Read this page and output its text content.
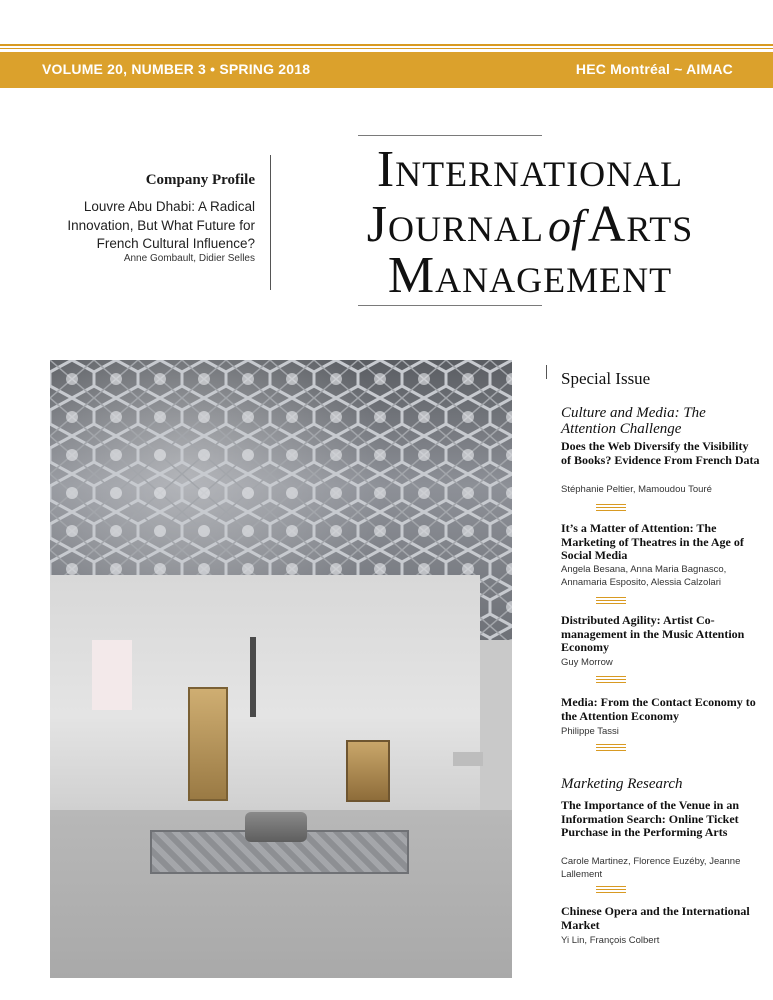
VOLUME 20, NUMBER 3 • SPRING 2018	HEC Montréal ~ AIMAC
International
Journal of Arts
Management
Company Profile
Louvre Abu Dhabi: A Radical Innovation, But What Future for French Cultural Influence?
Anne Gombault, Didier Selles
Special Issue
Culture and Media: The Attention Challenge
Does the Web Diversify the Visibility of Books? Evidence From French Data
Stéphanie Peltier, Mamoudou Touré
It’s a Matter of Attention: The Marketing of Theatres in the Age of Social Media
Angela Besana, Anna Maria Bagnasco, Annamaria Esposito, Alessia Calzolari
Distributed Agility: Artist Co-management in the Music Attention Economy
Guy Morrow
Media: From the Contact Economy to the Attention Economy
Philippe Tassi
Marketing Research
The Importance of the Venue in an Information Search: Online Ticket Purchase in the Performing Arts
Carole Martinez, Florence Euzéby, Jeanne Lallement
Chinese Opera and the International Market
Yi Lin, François Colbert
